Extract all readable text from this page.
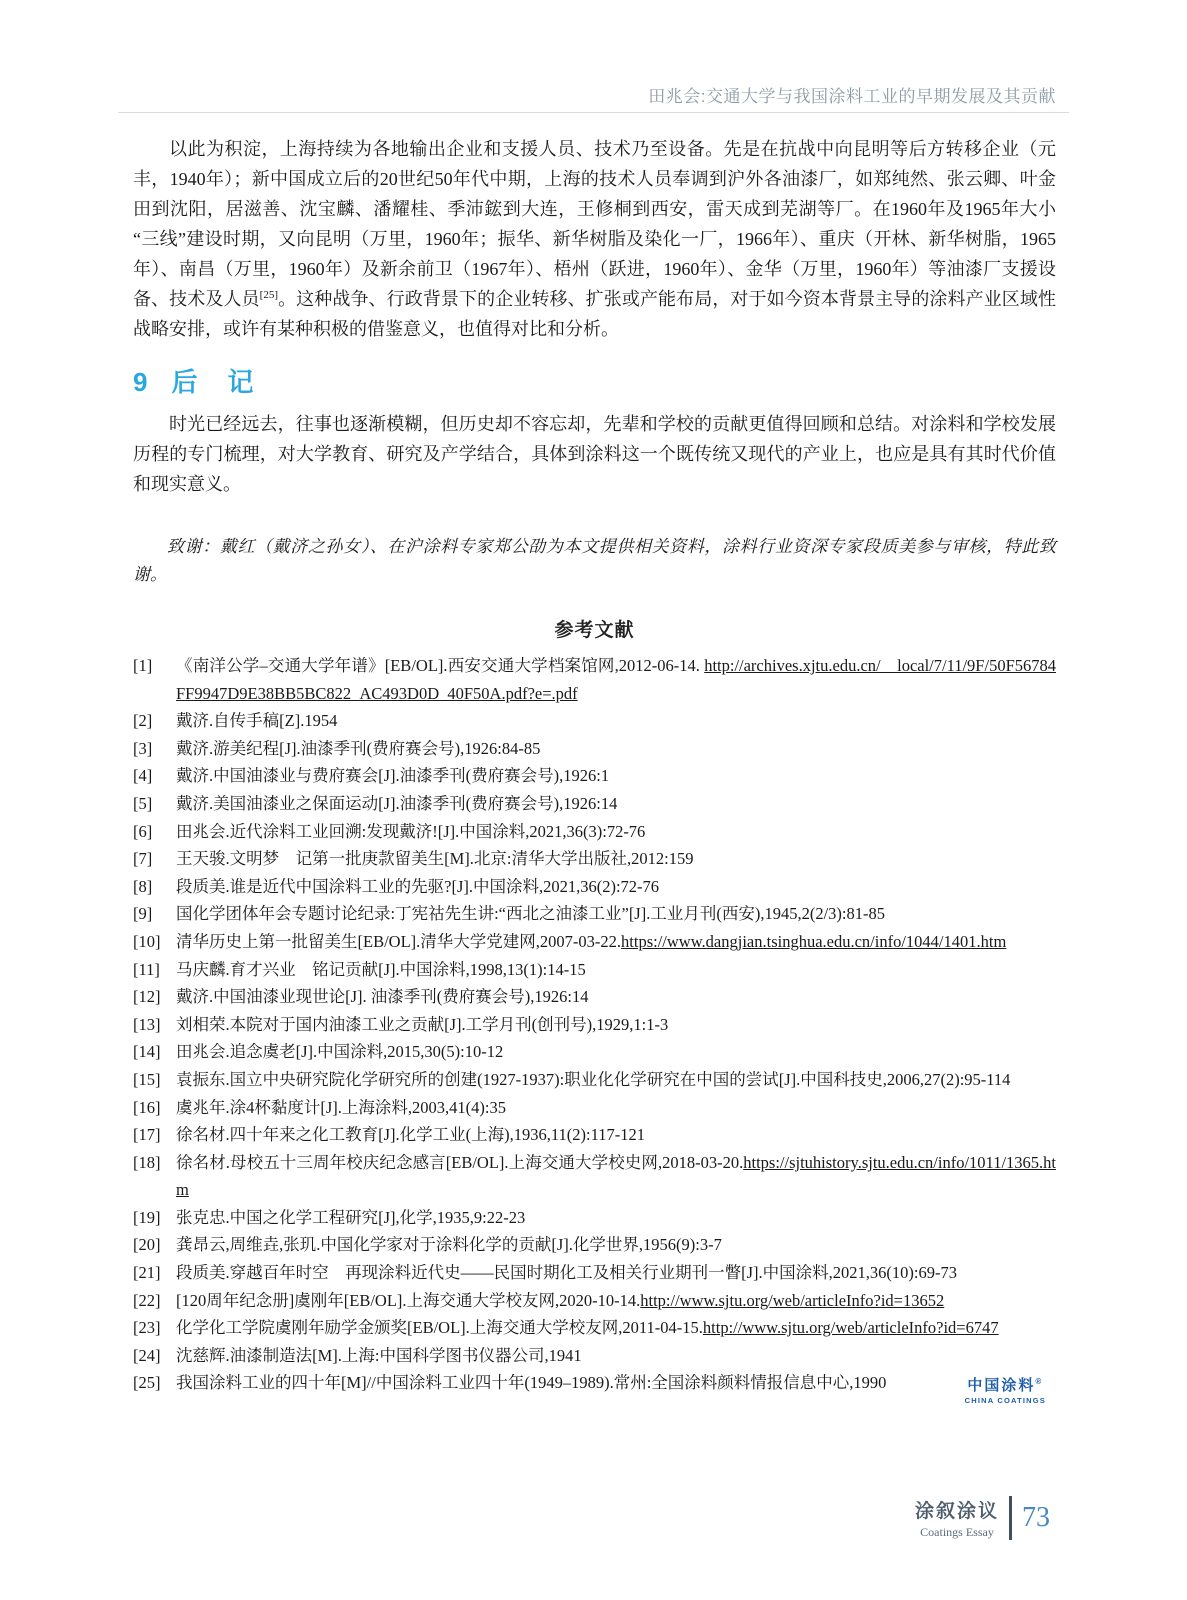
田兆会:交通大学与我国涂料工业的早期发展及其贡献

以此为积淀，上海持续为各地输出企业和支援人员、技术乃至设备。先是在抗战中向昆明等后方转移企业（元丰，1940年）；新中国成立后的20世纪50年代中期，上海的技术人员奉调到沪外各油漆厂，如郑纯然、张云卿、叶金田到沈阳，居滋善、沈宝麟、潘耀桂、季沛鋐到大连，王修桐到西安，雷天成到芜湖等厂。在1960年及1965年大小“三线”建设时期，又向昆明（万里，1960年；振华、新华树脂及染化一厂，1966年）、重庆（开林、新华树脂，1965年）、南昌（万里，1960年）及新余前卫（1967年）、梧州（跃进，1960年）、金华（万里，1960年）等油漆厂支援设备、技术及人员[25]。这种战争、行政背景下的企业转移、扩张或产能布局，对于如今资本背景主导的涂料产业区域性战略安排，或许有某种积极的借鉴意义，也值得对比和分析。

9 后　记

时光已经远去，往事也逐渐模糊，但历史却不容忘却，先辈和学校的贡献更值得回顾和总结。对涂料和学校发展历程的专门梳理，对大学教育、研究及产学结合，具体到涂料这一个既传统又现代的产业上，也应是具有其时代价值和现实意义。

致谢：戴红（戴济之孙女）、在沪涂料专家郑公劭为本文提供相关资料，涂料行业资深专家段质美参与审核，特此致谢。

参考文献
[1] 《南洋公学–交通大学年谱》[EB/OL].西安交通大学档案馆网,2012-06-14. http://archives.xjtu.edu.cn/__local/7/11/9F/50F56784FF9947D9E38BB5BC822_AC493D0D_40F50A.pdf?e=.pdf
[2] 戴济.自传手稿[Z].1954
[3] 戴济.游美纪程[J].油漆季刊(费府赛会号),1926:84-85
[4] 戴济.中国油漆业与费府赛会[J].油漆季刊(费府赛会号),1926:1
[5] 戴济.美国油漆业之保面运动[J].油漆季刊(费府赛会号),1926:14
[6] 田兆会.近代涂料工业回溯:发现戴济![J].中国涂料,2021,36(3):72-76
[7] 王天骏.文明梦　记第一批庚款留美生[M].北京:清华大学出版社,2012:159
[8] 段质美.谁是近代中国涂料工业的先驱?[J].中国涂料,2021,36(2):72-76
[9] 国化学团体年会专题讨论纪录:丁宪祜先生讲:“西北之油漆工业”[J].工业月刊(西安),1945,2(2/3):81-85
[10] 清华历史上第一批留美生[EB/OL].清华大学党建网,2007-03-22.https://www.dangjian.tsinghua.edu.cn/info/1044/1401.htm
[11] 马庆麟.育才兴业　铭记贡献[J].中国涂料,1998,13(1):14-15
[12] 戴济.中国油漆业现世论[J]. 油漆季刊(费府赛会号),1926:14
[13] 刘相荣.本院对于国内油漆工业之贡献[J].工学月刊(创刊号),1929,1:1-3
[14] 田兆会.追念虞老[J].中国涂料,2015,30(5):10-12
[15] 袁振东.国立中央研究院化学研究所的创建(1927-1937):职业化化学研究在中国的尝试[J].中国科技史,2006,27(2):95-114
[16] 虞兆年.涂4杯黏度计[J].上海涂料,2003,41(4):35
[17] 徐名材.四十年来之化工教育[J].化学工业(上海),1936,11(2):117-121
[18] 徐名材.母校五十三周年校庆纪念感言[EB/OL].上海交通大学校史网,2018-03-20.https://sjtuhistory.sjtu.edu.cn/info/1011/1365.htm
[19] 张克忠.中国之化学工程研究[J],化学,1935,9:22-23
[20] 龚昂云,周维垚,张玑.中国化学家对于涂料化学的贡献[J].化学世界,1956(9):3-7
[21] 段质美.穿越百年时空　再现涂料近代史——民国时期化工及相关行业期刊一瞥[J].中国涂料,2021,36(10):69-73
[22] [120周年纪念册]虞刚年[EB/OL].上海交通大学校友网,2020-10-14.http://www.sjtu.org/web/articleInfo?id=13652
[23] 化学化工学院虞刚年励学金颁奖[EB/OL].上海交通大学校友网,2011-04-15.http://www.sjtu.org/web/articleInfo?id=6747
[24] 沈慈辉.油漆制造法[M].上海:中国科学图书仪器公司,1941
[25] 我国涂料工业的四十年[M]//中国涂料工业四十年(1949–1989).常州:全国涂料颜料情报信息中心,1990	中国涂料®
CHINA COATINGS
涂叙涂议
Coatings Essay 73
